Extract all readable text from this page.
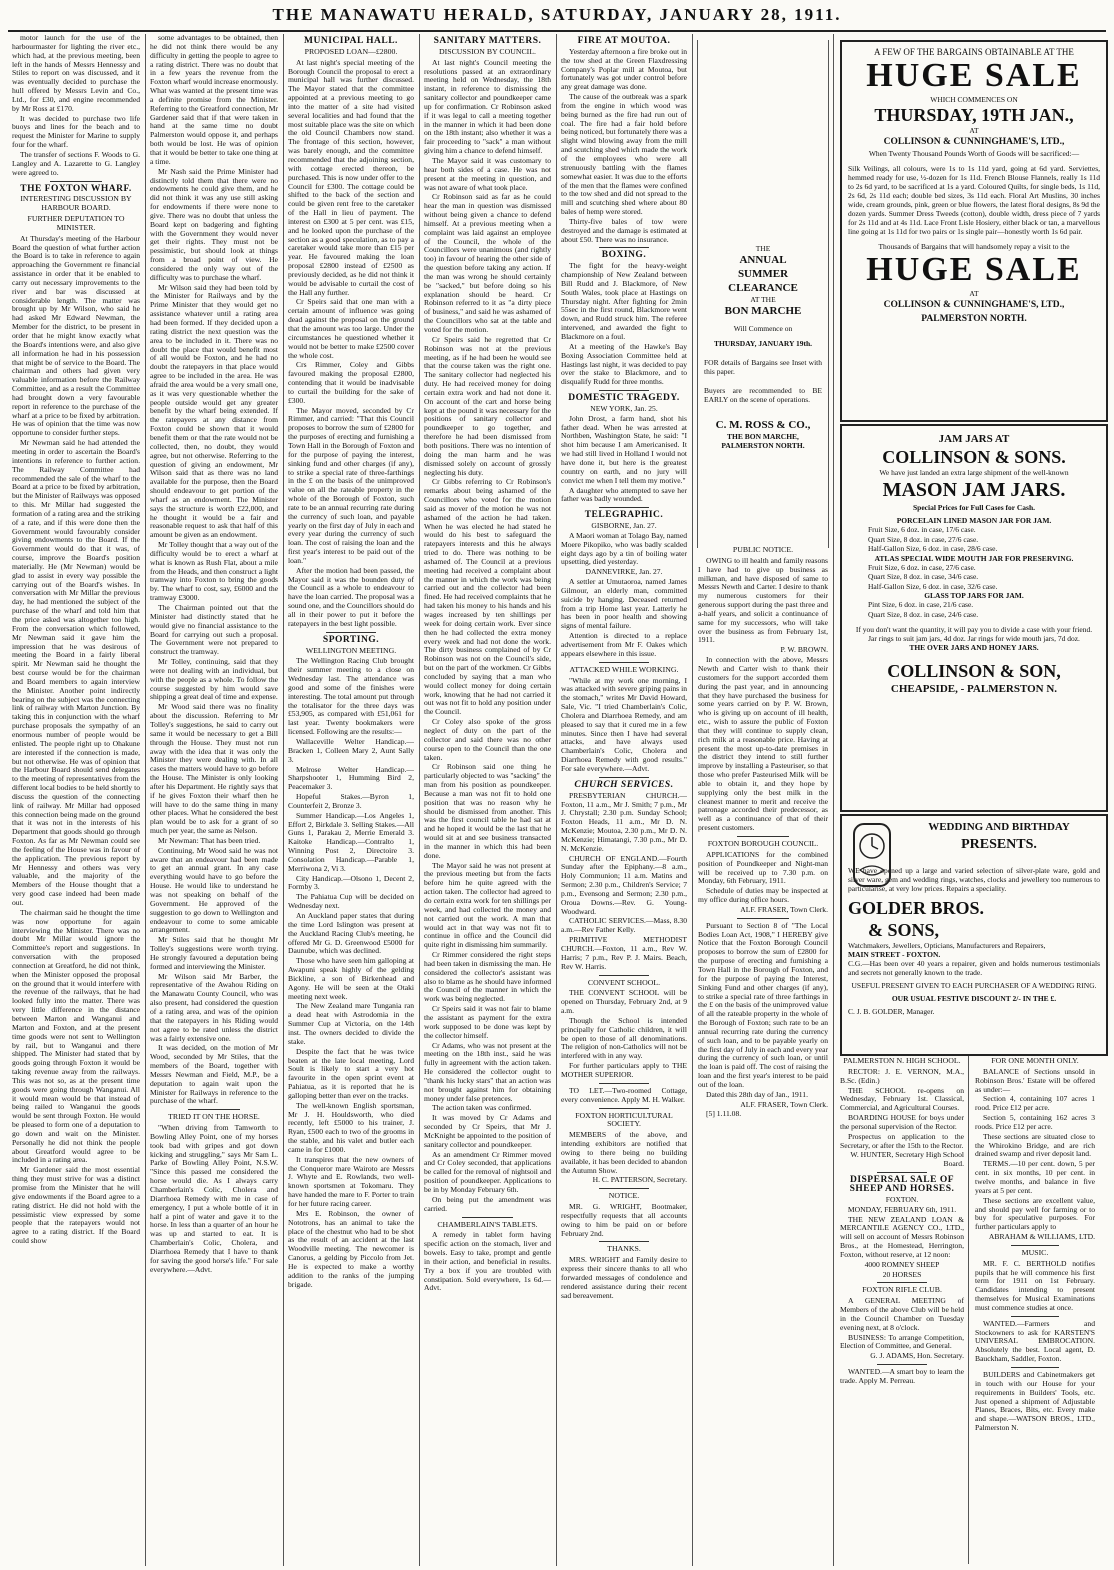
THE MANAWATU HERALD, SATURDAY, JANUARY 28, 1911.

motor launch for the use of the harbourmaster for lighting the river etc., which had, at the previous meeting, been left in the hands of Messrs Hennessy and Stiles to report on was discussed, and it was eventually decided to purchase the hull offered by Messrs Levin and Co., Ltd., for £30, and engine recommended by Mr Ross at £170.

It was decided to purchase two life buoys and lines for the beach and to request the Minister for Marine to supply four for the wharf.

The transfer of sections F. Woods to G. Langley and A. Lazarette to G. Langley were agreed to.

THE FOXTON WHARF.
INTERESTING DISCUSSION BY HARBOUR BOARD.
FURTHER DEPUTATION TO MINISTER.

At Thursday's meeting of the Harbour Board the question of what further action the Board is to take in reference to again approaching the Government re financial assistance in order that it be enabled to carry out necessary improvements to the river and bar was discussed at considerable length. The matter was brought up by Mr Wilson, who said he had asked Mr Edward Newman, the Member for the district, to be present in order that he might know exactly what the Board's intentions were, and also give all information he had in his possession that might be of service to the Board. The chairman and others had given very valuable information before the Railway Committee, and as a result the Committee had brought down a very favourable report in reference to the purchase of the wharf at a price to be fixed by arbitration. He was of opinion that the time was now opportune to consider further steps.

Mr Newman said he had attended the meeting in order to ascertain the Board's intentions in reference to further action. The Railway Committee had recommended the sale of the wharf to the Board at a price to be fixed by arbitration, but the Minister of Railways was opposed to this. Mr Millar had suggested the formation of a rating area and the striking of a rate, and if this were done then the Government would favourably consider giving endowments to the Board. If the Government would do that it was, of course, improve the Board's position materially. He (Mr Newman) would be glad to assist in every way possible the carrying out of the Board's wishes. In conversation with Mr Millar the previous day, he had mentioned the subject of the purchase of the wharf and told him that the price asked was altogether too high. From the conversation which followed, Mr Newman said it gave him the impression that he was desirous of meeting the Board in a fairly liberal spirit. Mr Newman said he thought the best course would be for the chairman and Board members to again interview the Minister. Another point indirectly bearing on the subject was the connecting link of railway with Marton Junction. By taking this in conjunction with the wharf purchase proposals the sympathy of an enormous number of people would be enlisted. The people right up to Ohakune are interested if the connection is made, but not otherwise. He was of opinion that the Harbour Board should send delegates to the meeting of representatives from the different local bodies to be held shortly to discuss the question of the connecting link of railway. Mr Millar had opposed this connection being made on the ground that it was not in the interests of his Department that goods should go through Foxton. As far as Mr Newman could see the feeling of the House was in favour of the application. The previous report by Mr Hennessy and others was very valuable, and the majority of the Members of the House thought that a very good case indeed had been made out.

The chairman said he thought the time was now opportune for again interviewing the Minister. There was no doubt Mr Millar would ignore the Committee's report and suggestions. In conversation with the proposed connection at Greatford, he did not think, when the Minister opposed the proposal on the ground that it would interfere with the revenue of the railways, that he had looked fully into the matter. There was very little difference in the distance between Marton and Wanganui and Marton and Foxton, and at the present time goods were not sent to Wellington by rail, but to Wanganui and there shipped. The Minister had stated that by goods going through Foxton it would be taking revenue away from the railways. This was not so, as at the present time goods were going through Wanganui. All it would mean would be that instead of being railed to Wanganui the goods would be sent through Foxton. He would be pleased to form one of a deputation to go down and wait on the Minister. Personally he did not think the people about Greatford would agree to be included in a rating area.

Mr Gardener said the most essential thing they must strive for was a distinct promise from the Minister that he will give endowments if the Board agree to a rating district. He did not hold with the pessimistic view expressed by some people that the ratepayers would not agree to a rating district. If the Board could show

some advantages to be obtained, then he did not think there would be any difficulty in getting the people to agree to a rating district. There was no doubt that in a few years the revenue from the Foxton wharf would increase enormously. What was wanted at the present time was a definite promise from the Minister. Referring to the Greatford connection, Mr Gardener said that if that were taken in hand at the same time no doubt Palmerston would oppose it, and perhaps both would be lost. He was of opinion that it would be better to take one thing at a time.

Mr Nash said the Prime Minister had distinctly told them that there were no endowments he could give them, and he did not think it was any use still asking for endowments if there were none to give. There was no doubt that unless the Board kept on badgering and fighting with the Government they would never get their rights. They must not be pessimistic, but should look at things from a broad point of view. He considered the only way out of the difficulty was to purchase the wharf.

Mr Wilson said they had been told by the Minister for Railways and by the Prime Minister that they would get no assistance whatever until a rating area had been formed. If they decided upon a rating district the next question was the area to be included in it. There was no doubt the place that would benefit most of all would be Foxton, and he had no doubt the ratepayers in that place would agree to be included in the area. He was afraid the area would be a very small one, as it was very questionable whether the people outside would get any greater benefit by the wharf being extended. If the ratepayers at any distance from Foxton could be shown that it would benefit them or that the rate would not be collected, then, no doubt, they would agree, but not otherwise. Referring to the question of giving an endowment, Mr Wilson said that as there was no land available for the purpose, then the Board should endeavour to get portion of the wharf as an endowment. The Minister says the structure is worth £22,000, and he thought it would be a fair and reasonable request to ask that half of this amount be given as an endowment.

Mr Tolley thought that a way out of the difficulty would be to erect a wharf at what is known as Rush Flat, about a mile from the Heads, and then construct a light tramway into Foxton to bring the goods by. The wharf to cost, say, £6000 and the tramway £3000.

The Chairman pointed out that the Minister had distinctly stated that he would give no financial assistance to the Board for carrying out such a proposal. The Government were not prepared to construct the tramway.

Mr Tolley, continuing, said that they were not dealing with an individual, but with the people as a whole. To follow the course suggested by him would save shipping a great deal of time and expense.

Mr Wood said there was no finality about the discussion. Referring to Mr Tolley's suggestions, he said to carry out same it would be necessary to get a Bill through the House. They must not run away with the idea that it was only the Minister they were dealing with. In all cases the matters would have to go before the House. The Minister is only looking after his Department. He rightly says that if he gives Foxton their wharf then he will have to do the same thing in many other places. What he considered the best plan would be to ask for a grant of so much per year, the same as Nelson.

Mr Newman: That has been tried.

Continuing, Mr Wood said he was not aware that an endeavour had been made to get an annual grant. In any case everything would have to go before the House. He would like to understand he was not speaking on behalf of the Government. He approved of the suggestion to go down to Wellington and endeavour to come to some amicable arrangement.

Mr Stiles said that he thought Mr Tolley's suggestions were worth trying. He strongly favoured a deputation being formed and interviewing the Minister.

Mr Wilson said Mr Barber, the representative of the Awahou Riding on the Manawatu County Council, who was also present, had considered the question of a rating area, and was of the opinion that the ratepayers in his Riding would not agree to be rated unless the district was a fairly extensive one.

It was decided, on the motion of Mr Wood, seconded by Mr Stiles, that the members of the Board, together with Messrs Newman and Field, M.P., be a deputation to again wait upon the Minister for Railways in reference to the purchase of the wharf.

TRIED IT ON THE HORSE.

"When driving from Tamworth to Bowling Alley Point, one of my horses took bad with gripes and got down kicking and struggling," says Mr Sam L. Parke of Bowling Alley Point, N.S.W. "Since this passed me considered the horse would die. As I always carry Chamberlain's Colic, Cholera and Diarrhoea Remedy with me in case of emergency, I put a whole bottle of it in half a pint of water and gave it to the horse. In less than a quarter of an hour he was up and started to eat. It is Chamberlain's Colic, Cholera, and Diarrhoea Remedy that I have to thank for saving the good horse's life." For sale everywhere.—Advt.

MUNICIPAL HALL.
PROPOSED LOAN—£2800.

At last night's special meeting of the Borough Council the proposal to erect a municipal hall was further discussed. The Mayor stated that the committee appointed at a previous meeting to go into the matter of a site had visited several localities and had found that the most suitable place was the site on which the old Council Chambers now stand. The frontage of this section, however, was barely enough, and the committee recommended that the adjoining section, with cottage erected thereon, be purchased. This is now under offer to the Council for £300. The cottage could be shifted to the back of the section and could be given rent free to the caretaker of the Hall in lieu of payment. The interest on £300 at 5 per cent. was £15, and he looked upon the purchase of the section as a good speculation, as to pay a caretaker would take more than £15 per year. He favoured making the loan proposal £2800 instead of £2500 as previously decided, as he did not think it would be advisable to curtail the cost of the Hall any further.

Cr Speirs said that one man with a certain amount of influence was going dead against the proposal on the ground that the amount was too large. Under the circumstances he questioned whether it would not be better to make £2500 cover the whole cost.

Crs Rimmer, Coley and Gibbs favoured making the proposal £2800, contending that it would be inadvisable to curtail the building for the sake of £300.

The Mayor moved, seconded by Cr Rimmer, and carried: "That this Council proposes to borrow the sum of £2800 for the purposes of erecting and furnishing a Town Hall in the Borough of Foxton and for the purpose of paying the interest, sinking fund and other charges (if any), to strike a special rate of three-farthings in the £ on the basis of the unimproved value on all the rateable property in the whole of the Borough of Foxton, such rate to be an annual recurring rate during the currency of such loan, and payable yearly on the first day of July in each and every year during the currency of such loan. The cost of raising the loan and the first year's interest to be paid out of the loan."

After the motion had been passed, the Mayor said it was the bounden duty of the Council as a whole to endeavour to have the loan carried. The proposal was a sound one, and the Councillors should do all in their power to put it before the ratepayers in the best light possible.

SPORTING.
WELLINGTON MEETING.

The Wellington Racing Club brought their summer meeting to a close on Wednesday last. The attendance was good and some of the finishes were interesting. The total amount put through the totalisator for the three days was £53,905, as compared with £51,061 for last year. Twenty bookmakers were licensed. Following are the results:—

Wallaceville Welter Handicap.—Bracken 1, Colleen Mary 2, Aunt Sally 3.

Melrose Welter Handicap.—Sharpshooter 1, Humming Bird 2, Peacemaker 3.

Hopeful Stakes.—Byron 1, Counterfeit 2, Bronze 3.

Summer Handicap.—Los Angeles 1, Effort 2, Birkdale 3. Selling Stakes.—All Guns 1, Parakau 2, Merrie Emerald 3. Kaitoke Handicap.—Contralto 1, Winning Post 2, Directoire 3. Consolation Handicap.—Parable 1, Merriwona 2, Vi 3.

City Handicap.—Olsono 1, Decent 2, Formby 3.

The Pahiatua Cup will be decided on Wednesday next.

An Auckland paper states that during the time Lord Islington was present at the Auckland Racing Club's meeting, he offered Mr G. D. Greenwood £5000 for Daunube, which was declined.

Those who have seen him galloping at Awapuni speak highly of the gelding Bickline, a son of Birkenhead and Agony. He will be seen at the Otaki meeting next week.

The New Zealand mare Tungania ran a dead heat with Astrodomia in the Summer Cup at Victoria, on the 14th inst. The owners decided to divide the stake.

Despite the fact that he was twice beaten at the late local meeting, Lord Soult is likely to start a very hot favourite in the open sprint event at Pahiatua, as it is reported that he is galloping better than ever on the tracks.

The well-known English sportsman, Mr J. H. Houldsworth, who died recently, left £5000 to his trainer, J. Ryan, £500 each to two of the grooms in the stable, and his valet and butler each came in for £1000.

It transpires that the new owners of the Conqueror mare Wairoto are Messrs J. Whyte and E. Rowlands, two well-known sportsmen at Tokomaru. They have handed the mare to F. Porter to train for her future racing career.

Mrs E. Robinson, the owner of Nototrons, has an animal to take the place of the chestnut who had to be shot as the result of an accident at the last Woodville meeting. The newcomer is Canorus, a gelding by Piccolo from Jet. He is expected to make a worthy addition to the ranks of the jumping brigade.

SANITARY MATTERS.
DISCUSSION BY COUNCIL.

At last night's Council meeting the resolutions passed at an extraordinary meeting held on Wednesday, the 18th instant, in reference to dismissing the sanitary collector and poundkeeper came up for confirmation. Cr Robinson asked if it was legal to call a meeting together in the manner in which it had been done on the 18th instant; also whether it was a fair proceeding to "sack" a man without giving him a chance to defend himself.

The Mayor said it was customary to hear both sides of a case. He was not present at the meeting in question, and was not aware of what took place.

Cr Robinson said as far as he could hear the man in question was dismissed without being given a chance to defend himself. At a previous meeting when a complaint was laid against an employee of the Council, the whole of the Councillors were unanimous (and rightly too) in favour of hearing the other side of the question before taking any action. If the man was wrong he should certainly be "sacked," but before doing so his explanation should be heard. Cr Robinson referred to it as "a dirty piece of business," and said he was ashamed of the Councillors who sat at the table and voted for the motion.

Cr Speirs said he regretted that Cr Robinson was not at the previous meeting, as if he had been he would see that the course taken was the right one. The sanitary collector had neglected his duty. He had received money for doing certain extra work and had not done it. On account of the cart and horse being kept at the pound it was necessary for the positions of sanitary collector and poundkeeper to go together, and therefore he had been dismissed from both positions. There was no intention of doing the man harm and he was dismissed solely on account of grossly neglecting his duty.

Cr Gibbs referring to Cr Robinson's remarks about being ashamed of the Councillors who voted for the motion said as mover of the motion he was not ashamed of the action he had taken. When he was elected he had stated he would do his best to safeguard the ratepayers interests and this he always tried to do. There was nothing to be ashamed of. The Council at a previous meeting had received a complaint about the manner in which the work was being carried out and the collector had been fined. He had received complaints that he had taken his money to his hands and his wages increased by ten shillings per week for doing certain work. Ever since then he had collected the extra money every week and had not done the work. The dirty business complained of by Cr Robinson was not on the Council's side, but on the part of the workmen. Cr Gibbs concluded by saying that a man who would collect money for doing certain work, knowing that he had not carried it out was not fit to hold any position under the Council.

Cr Coley also spoke of the gross neglect of duty on the part of the collector and said there was no other course open to the Council than the one taken.

Cr Robinson said one thing he particularly objected to was "sacking" the man from his position as poundkeeper. Because a man was not fit to hold one position that was no reason why he should be dismissed from another. This was the first council table he had sat at and he hoped it would be the last that he would sit at and see business transacted in the manner in which this had been done.

The Mayor said he was not present at the previous meeting but from the facts before him he quite agreed with the action taken. The collector had agreed to do certain extra work for ten shillings per week, and had collected the money and not carried out the work. A man that would act in that way was not fit to continue in office and the Council did quite right in dismissing him summarily.

Cr Rimmer considered the right steps had been taken in dismissing the man. He considered the collector's assistant was also to blame as he should have informed the Council of the manner in which the work was being neglected.

Cr Speirs said it was not fair to blame the assistant as payment for the extra work supposed to be done was kept by the collector himself.

Cr Adams, who was not present at the meeting on the 18th inst., said he was fully in agreement with the action taken. He considered the collector ought to "thank his lucky stars" that an action was not brought against him for obtaining money under false pretences.

The action taken was confirmed.

It was moved by Cr Adams and seconded by Cr Speirs, that Mr J. McKnight be appointed to the position of sanitary collector and poundkeeper.

As an amendment Cr Rimmer moved and Cr Coley seconded, that applications be called for the removal of nightsoil and position of poundkeeper. Applications to be in by Monday February 6th.

On being put the amendment was carried.

CHAMBERLAIN'S TABLETS.

A remedy in tablet form having specific action on the stomach, liver and bowels. Easy to take, prompt and gentle in their action, and beneficial in results. Try a box if you are troubled with constipation. Sold everywhere, 1s 6d.—Advt.

FIRE AT MOUTOA.

Yesterday afternoon a fire broke out in the tow shed at the Green Flaxdressing Company's Poplar mill at Moutoa, but fortunately was got under control before any great damage was done.

The cause of the outbreak was a spark from the engine in which wood was being burned as the fire had run out of coal. The fire had a fair hold before being noticed, but fortunately there was a slight wind blowing away from the mill and scutching shed which made the work of the employees who were all strenuously battling with the flames somewhat easier. It was due to the efforts of the men that the flames were confined to the tow shed and did not spread to the mill and scutching shed where about 80 bales of hemp were stored.

Thirty-five bales of tow were destroyed and the damage is estimated at about £50. There was no insurance.

BOXING.

The fight for the heavy-weight championship of New Zealand between Bill Rudd and J. Blackmore, of New South Wales, took place at Hastings on Thursday night. After fighting for 2min 55sec in the first round, Blackmore went down, and Rudd struck him. The referee intervened, and awarded the fight to Blackmore on a foul.

At a meeting of the Hawke's Bay Boxing Association Committee held at Hastings last night, it was decided to pay over the stake to Blackmore, and to disqualify Rudd for three months.

DOMESTIC TRAGEDY.

NEW YORK, Jan. 25.

John Drost, a farm hand, shot his father dead. When he was arrested at Northben, Washington State, he said: "I shot him because I am Americanised. It we had still lived in Holland I would not have done it, but here is the greatest country on earth, and no jury will convict me when I tell them my motive."

A daughter who attempted to save her father was badly wounded.

TELEGRAPHIC.

GISBORNE, Jan. 27.

A Maori woman at Tolago Bay, named Moere Pikopiko, who was badly scalded eight days ago by a tin of boiling water upsetting, died yesterday.

DANNEVIRKE, Jan. 27.

A settler at Umutaoroa, named James Gilmour, an elderly man, committed suicide by hanging. Deceased returned from a trip Home last year. Latterly he has been in poor health and showing signs of mental failure.

Attention is directed to a replace advertisement from Mr F. Oakes which appears elsewhere in this issue.

ATTACKED WHILE WORKING.

"While at my work one morning, I was attacked with severe griping pains in the stomach," writes Mr David Howard, Sale, Vic. "I tried Chamberlain's Colic, Cholera and Diarrhoea Remedy, and am pleased to say that it cured me in a few minutes. Since then I have had several attacks, and have always used Chamberlain's Colic, Cholera and Diarrhoea Remedy with good results." For sale everywhere.—Advt.

CHURCH SERVICES.

PRESBYTERIAN CHURCH.—Foxton, 11 a.m., Mr J. Smith; 7 p.m., Mr J. Chrystall; 2.30 p.m. Sunday School; Foxton Heads, 11 a.m., Mr D. N. McKenzie; Moutoa, 2.30 p.m., Mr D. N. McKenzie; Himatangi, 7.30 p.m., Mr D. N. McKenzie.

CHURCH OF ENGLAND.—Fourth Sunday after the Epiphany.—8 a.m., Holy Communion; 11 a.m. Matins and Sermon; 2.30 p.m., Children's Service; 7 p.m., Evensong and Sermon; 2.30 p.m., Oroua Downs.—Rev. G. Young-Woodward.

CATHOLIC SERVICES.—Mass, 8.30 a.m.—Rev Father Kelly.

PRIMITIVE METHODIST CHURCH.—Foxton, 11 a.m., Rev W. Harris; 7 p.m., Rev P. J. Mairs. Beach, Rev W. Harris.

CONVENT SCHOOL.

THE CONVENT SCHOOL will be opened on Thursday, February 2nd, at 9 a.m.

Though the School is intended principally for Catholic children, it will be open to those of all denominations. The religion of non-Catholics will not be interfered with in any way.

For further particulars apply to THE MOTHER SUPERIOR.

TO LET.—Two-roomed Cottage, every convenience. Apply M. H. Walker.

FOXTON HORTICULTURAL SOCIETY.

MEMBERS of the above, and intending exhibitors are notified that owing to there being no building available, it has been decided to abandon the Autumn Show.

H. C. PATTERSON, Secretary.

NOTICE.

MR. G. WRIGHT, Bootmaker, respectfully requests that all accounts owing to him be paid on or before February 2nd.

THANKS.

MRS. WRIGHT and Family desire to express their sincere thanks to all who forwarded messages of condolence and rendered assistance during their recent sad bereavement.

THE
ANNUAL
SUMMER
CLEARANCE
AT THE
BON MARCHE
Will Commence on
THURSDAY, JANUARY 19th.
FOR details of Bargains see Inset with this paper.
Buyers are recommended to BE EARLY on the scene of operations.
C. M. ROSS & CO.,
THE BON MARCHE,
PALMERSTON NORTH.
PUBLIC NOTICE.

OWING to ill health and family reasons I have had to give up business as milkman, and have disposed of same to Messrs Newth and Carter. I desire to thank my numerous customers for their generous support during the past three and a-half years, and solicit a continuance of same for my successors, who will take over the business as from February 1st, 1911.

P. W. BROWN.

In connection with the above, Messrs Newth and Carter wish to thank their customers for the support accorded them during the past year, and in announcing that they have purchased the business for some years carried on by P. W. Brown, who is giving up on account of ill health, etc., wish to assure the public of Foxton that they will continue to supply clean, rich milk at a reasonable price. Having at present the most up-to-date premises in the district they intend to still further improve by installing a Pasteuriser, so that those who prefer Pasteurised Milk will be able to obtain it, and they hope by supplying only the best milk in the cleanest manner to merit and receive the patronage accorded their predecessor, as well as a continuance of that of their present customers.

FOXTON BOROUGH COUNCIL.

APPLICATIONS for the combined position of Poundkeeper and Night-man will be received up to 7.30 p.m. on Monday, 6th February, 1911.

Schedule of duties may be inspected at my office during office hours.

ALF. FRASER, Town Clerk.

Pursuant to Section 8 of "The Local Bodies Loan Act, 1908," I HEREBY give Notice that the Foxton Borough Council proposes to borrow the sum of £2800 for the purpose of erecting and furnishing a Town Hall in the Borough of Foxton, and for the purpose of paying the Interest, Sinking Fund and other charges (if any), to strike a special rate of three farthings in the £ on the basis of the unimproved value of all the rateable property in the whole of the Borough of Foxton; such rate to be an annual recurring rate during the currency of such loan, and to be payable yearly on the first day of July in each and every year during the currency of such loan, or until the loan is paid off. The cost of raising the loan and the first year's interest to be paid out of the loan.

Dated this 28th day of Jan., 1911.

ALF. FRASER, Town Clerk.

[5] 1.11.08.

A FEW OF THE BARGAINS OBTAINABLE AT THE
HUGE SALE
WHICH COMMENCES ON
THURSDAY, 19TH JAN.,
AT
COLLINSON & CUNNINGHAME'S, LTD.,
When Twenty Thousand Pounds Worth of Goods will be sacrificed:—
Silk Veilings, all colours, were 1s to 1s 11d yard, going at 6d yard. Serviettes, hemmed ready for use, ½-dozen for 1s 11d. French Blouse Flannels, really 1s 11d to 2s 6d yard, to be sacrificed at 1s a yard. Coloured Quilts, for single beds, 1s 11d, 2s 6d, 2s 11d each; double bed sizes, 3s 11d each. Floral Art Muslins, 30 inches wide, cream grounds, pink, green or blue flowers, the latest floral designs, 8s 9d the dozen yards. Summer Dress Tweeds (cotton), double width, dress piece of 7 yards for 2s 11d and at 4s 11d. Lace Front Lisle Hosiery, either black or tan, a marvellous line going at 1s 11d for two pairs or 1s single pair—honestly worth 1s 6d pair.
Thousands of Bargains that will handsomely repay a visit to the
HUGE SALE
AT
COLLINSON & CUNNINGHAME'S, LTD.,
PALMERSTON NORTH.
JAM JARS AT
COLLINSON & SONS.
We have just landed an extra large shipment of the well-known
MASON JAM JARS.
Special Prices for Full Cases for Cash.
PORCELAIN LINED MASON JAR FOR JAM.
Fruit Size, 6 doz. in case, 17/6 case.
Quart Size, 8 doz. in case, 27/6 case.
Half-Gallon Size, 6 doz. in case, 28/6 case.
ATLAS SPECIAL WIDE MOUTH JAR FOR PRESERVING.
Fruit Size, 6 doz. in case, 27/6 case.
Quart Size, 8 doz. in case, 34/6 case.
Half-Gallon Size, 6 doz. in case, 32/6 case.
GLASS TOP JARS FOR JAM.
Pint Size, 6 doz. in case, 21/6 case.
Quart Size, 8 doz. in case, 24/6 case.
If you don't want the quantity, it will pay you to divide a case with your friend.
Jar rings to suit jam jars, 4d doz. Jar rings for wide mouth jars, 7d doz.
THE OVER JARS AND HONEY JARS.
COLLINSON & SON,
CHEAPSIDE, - PALMERSTON N.
WEDDING AND BIRTHDAY
PRESENTS.
WE have opened up a large and varied selection of silver-plate ware, gold and silver ware, gem and wedding rings, watches, clocks and jewellery too numerous to particularise, at very low prices. Repairs a speciality.
GOLDER BROS.
& SONS,
Watchmakers, Jewellers, Opticians, Manufacturers and Repairers,
MAIN STREET - FOXTON.
C.G.—Has been over 40 years a repairer, given and holds numerous testimonials and secrets not generally known to the trade.
USEFUL PRESENT GIVEN TO EACH PURCHASER OF A WEDDING RING.
OUR USUAL FESTIVE DISCOUNT 2/- IN THE £.
C. J. B. GOLDER, Manager.
PALMERSTON N. HIGH SCHOOL.

RECTOR: J. E. VERNON, M.A., B.Sc. (Edin.)

THE SCHOOL re-opens on Wednesday, February 1st. Classical, Commercial, and Agricultural Courses.

BOARDING HOUSE for boys under the personal supervision of the Rector.

Prospectus on application to the Secretary, or after the 15th to the Rector.

W. HUNTER, Secretary High School Board.

DISPERSAL SALE OF SHEEP AND HORSES.

FOXTON.

MONDAY, FEBRUARY 6th, 1911.

THE NEW ZEALAND LOAN & MERCANTILE AGENCY CO., LTD., will sell on account of Messrs Robinson Bros., at the Homestead, Herrington, Foxton, without reserve, at 12 noon:

4000 ROMNEY SHEEP

20 HORSES

FOXTON RIFLE CLUB.

A GENERAL MEETING of Members of the above Club will be held in the Council Chamber on Tuesday evening next, at 8 o'clock.

BUSINESS: To arrange Competition, Election of Committee, and General.

G. J. ADAMS, Hon. Secretary.

WANTED.—A smart boy to learn the trade. Apply M. Perreau.

FOR ONE MONTH ONLY.

BALANCE of Sections unsold in Robinson Bros.' Estate will be offered as under:—

Section 4, containing 107 acres 1 rood. Price £12 per acre.

Section 5, containing 162 acres 3 roods. Price £12 per acre.

These sections are situated close to the Whirokino Bridge, and are rich drained swamp and river deposit land.

TERMS.—10 per cent. down, 5 per cent. in six months, 10 per cent. in twelve months, and balance in five years at 5 per cent.

These sections are excellent value, and should pay well for farming or to buy for speculative purposes. For further particulars apply to

ABRAHAM & WILLIAMS, LTD.

MUSIC.

MR. F. C. BERTHOLD notifies pupils that he will commence his first term for 1911 on 1st February. Candidates intending to present themselves for Musical Examinations must commence studies at once.

WANTED.—Farmers and Stockowners to ask for KARSTEN'S UNIVERSAL EMBROCATION. Absolutely the best. Local agent, D. Bauckham, Saddler, Foxton.

BUILDERS and Cabinetmakers get in touch with our House for your requirements in Builders' Tools, etc. Just opened a shipment of Adjustable Planes, Braces, Bits, etc. Every make and shape.—WATSON BROS., LTD., Palmerston N.
